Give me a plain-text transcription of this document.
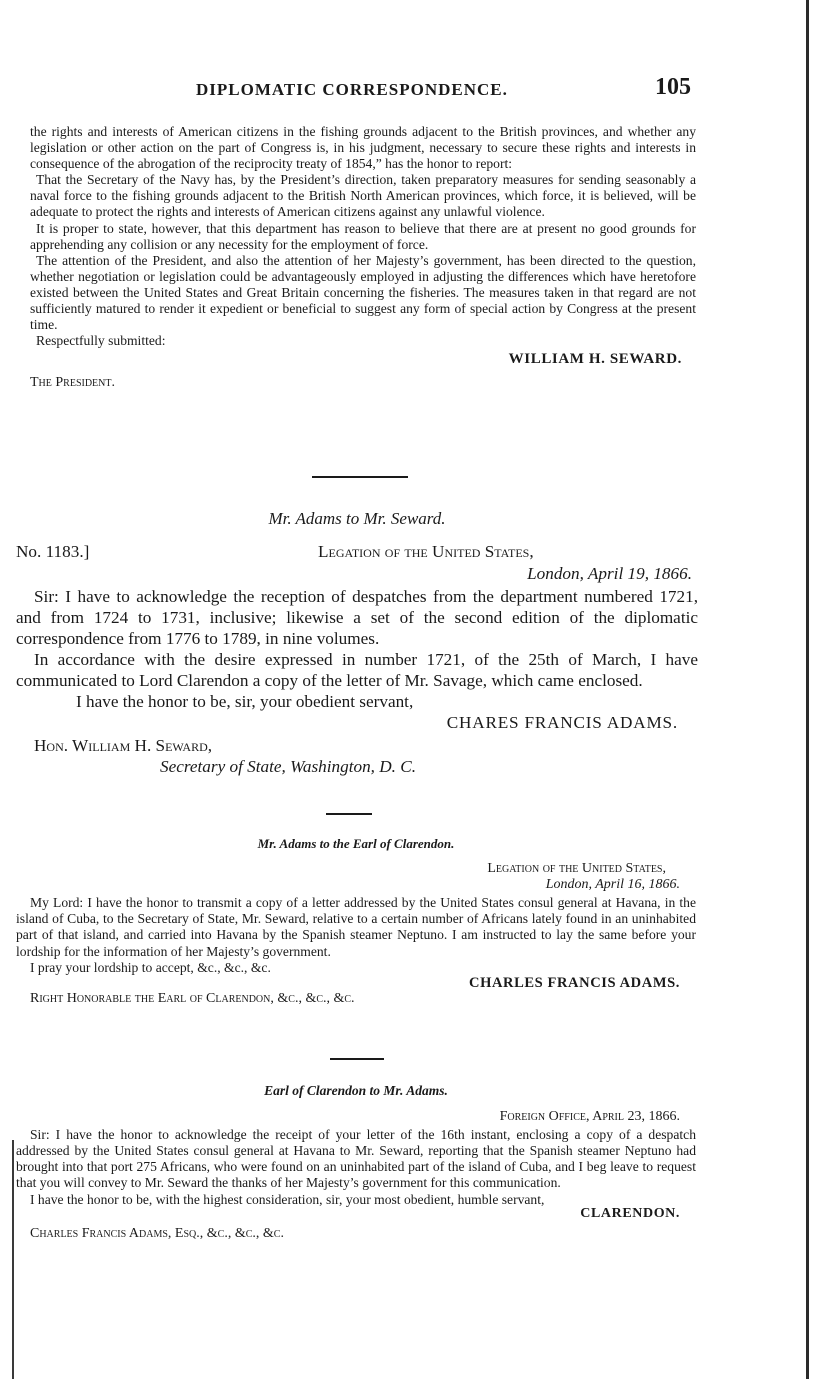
DIPLOMATIC CORRESPONDENCE.	105

the rights and interests of American citizens in the fishing grounds adjacent to the British provinces, and whether any legislation or other action on the part of Congress is, in his judgment, necessary to secure these rights and interests in consequence of the abrogation of the reciprocity treaty of 1854,” has the honor to report:

That the Secretary of the Navy has, by the President’s direction, taken preparatory measures for sending seasonably a naval force to the fishing grounds adjacent to the British North American provinces, which force, it is believed, will be adequate to protect the rights and interests of American citizens against any unlawful violence.

It is proper to state, however, that this department has reason to believe that there are at present no good grounds for apprehending any collision or any necessity for the employment of force.

The attention of the President, and also the attention of her Majesty’s government, has been directed to the question, whether negotiation or legislation could be advantageously employed in adjusting the differences which have heretofore existed between the United States and Great Britain concerning the fisheries. The measures taken in that regard are not sufficiently matured to render it expedient or beneficial to suggest any form of special action by Congress at the present time.

Respectfully submitted:

WILLIAM H. SEWARD.

The President.

Mr. Adams to Mr. Seward.

No. 1183.]	Legation of the United States,

London, April 19, 1866.

Sir: I have to acknowledge the reception of despatches from the department numbered 1721, and from 1724 to 1731, inclusive; likewise a set of the second edition of the diplomatic correspondence from 1776 to 1789, in nine volumes.

In accordance with the desire expressed in number 1721, of the 25th of March, I have communicated to Lord Clarendon a copy of the letter of Mr. Savage, which came enclosed.

I have the honor to be, sir, your obedient servant,

CHARES FRANCIS ADAMS.

Hon. William H. Seward,

Secretary of State, Washington, D. C.

Mr. Adams to the Earl of Clarendon.

Legation of the United States,

London, April 16, 1866.

My Lord: I have the honor to transmit a copy of a letter addressed by the United States consul general at Havana, in the island of Cuba, to the Secretary of State, Mr. Seward, relative to a certain number of Africans lately found in an uninhabited part of that island, and carried into Havana by the Spanish steamer Neptuno. I am instructed to lay the same before your lordship for the information of her Majesty’s government.

I pray your lordship to accept, &c., &c., &c.

CHARLES FRANCIS ADAMS.

Right Honorable the Earl of Clarendon, &c., &c., &c.

Earl of Clarendon to Mr. Adams.

Foreign Office, April 23, 1866.

Sir: I have the honor to acknowledge the receipt of your letter of the 16th instant, enclosing a copy of a despatch addressed by the United States consul general at Havana to Mr. Seward, reporting that the Spanish steamer Neptuno had brought into that port 275 Africans, who were found on an uninhabited part of the island of Cuba, and I beg leave to request that you will convey to Mr. Seward the thanks of her Majesty’s government for this communication.

I have the honor to be, with the highest consideration, sir, your most obedient, humble servant,

CLARENDON.

Charles Francis Adams, Esq., &c., &c., &c.
